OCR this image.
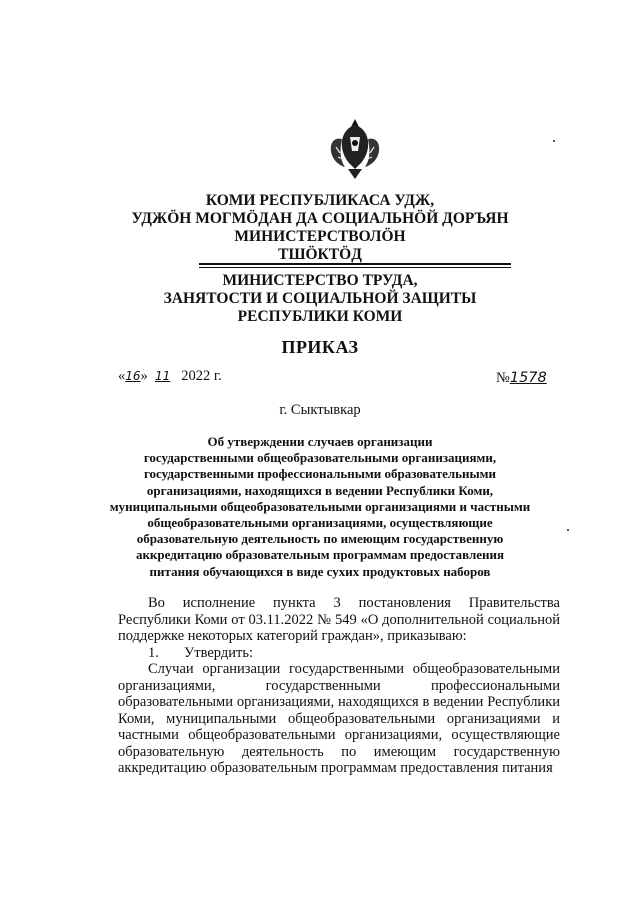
КОМИ РЕСПУБЛИКАСА УДЖ,
УДЖӦН МОГМӦДАН ДА СОЦИАЛЬНӦЙ ДОРЪЯН
МИНИСТЕРСТВОЛӦН
ТШӦКТӦД
МИНИСТЕРСТВО ТРУДА,
ЗАНЯТОСТИ И СОЦИАЛЬНОЙ ЗАЩИТЫ
РЕСПУБЛИКИ КОМИ
ПРИКАЗ
«16» 11 2022 г.	№1578
г. Сыктывкар
Об утверждении случаев организации
государственными общеобразовательными организациями,
государственными профессиональными образовательными
организациями, находящихся в ведении Республики Коми,
муниципальными общеобразовательными организациями и частными
общеобразовательными организациями, осуществляющие
образовательную деятельность по имеющим государственную
аккредитацию образовательным программам предоставления
питания обучающихся в виде сухих продуктовых наборов

Во исполнение пункта 3 постановления Правительства Республики Коми от 03.11.2022 № 549 «О дополнительной социальной поддержке некоторых категорий граждан», приказываю:

1. Утвердить:

Случаи организации государственными общеобразовательными организациями, государственными профессиональными образовательными организациями, находящихся в ведении Республики Коми, муниципальными общеобразовательными организациями и частными общеобразовательными организациями, осуществляющие образовательную деятельность по имеющим государственную аккредитацию образовательным программам предоставления питания
